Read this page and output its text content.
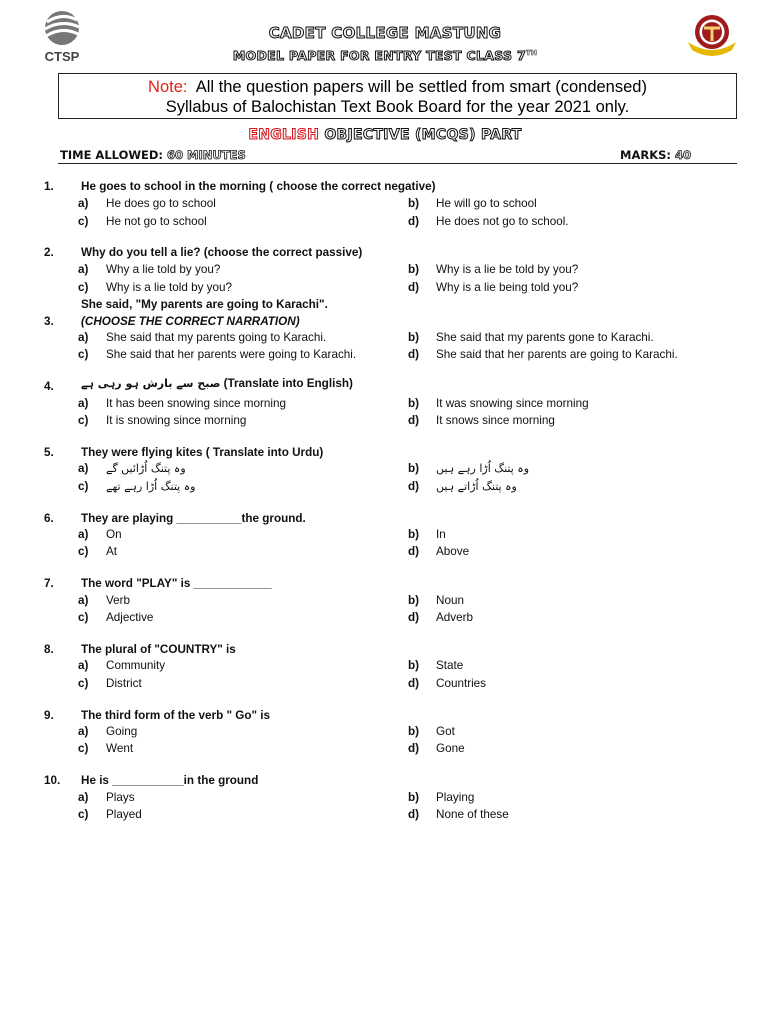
CTSP
CADET COLLEGE MASTUNG
MODEL PAPER FOR ENTRY TEST CLASS 7TH
Note: All the question papers will be settled from smart (condensed)
Syllabus of Balochistan Text Book Board for the year 2021 only.
ENGLISH OBJECTIVE (MCQS) PART
TIME ALLOWED: 60 MINUTES	MARKS: 40
1. He goes to school in the morning ( choose the correct negative)
a) He does go to school	b) He will go to school
c) He not go to school	d) He does not go to school.
2. Why do you tell a lie? (choose the correct passive)
a) Why a lie told by you?	b) Why is a lie be told by you?
c) Why is a lie told by you?	d) Why is a lie being told you?
She said, "My parents are going to Karachi".
3. (CHOOSE THE CORRECT NARRATION)
a) She said that my parents going to Karachi.	b) She said that my parents gone to Karachi.
c) She said that her parents were going to Karachi.	d) She said that her parents are going to Karachi.
4. صبح سے بارش ہو رہی ہے (Translate into English)
a) It has been snowing since morning	b) It was snowing since morning
c) It is snowing since morning	d) It snows since morning
5. They were flying kites ( Translate into Urdu)
a) وہ پتنگ اُڑائیں گے	b) وہ پتنگ اُڑا رہے ہیں
c) وہ پتنگ اُڑا رہے تھے	d) وہ پتنگ اُڑاتے ہیں
6. They are playing __________the ground.
a) On	b) In
c) At	d) Above
7. The word "PLAY" is ____________
a) Verb	b) Noun
c) Adjective	d) Adverb
8. The plural of "COUNTRY" is
a) Community	b) State
c) District	d) Countries
9. The third form of the verb " Go" is
a) Going	b) Got
c) Went	d) Gone
10. He is ___________in the ground
a) Plays	b) Playing
c) Played	d) None of these
